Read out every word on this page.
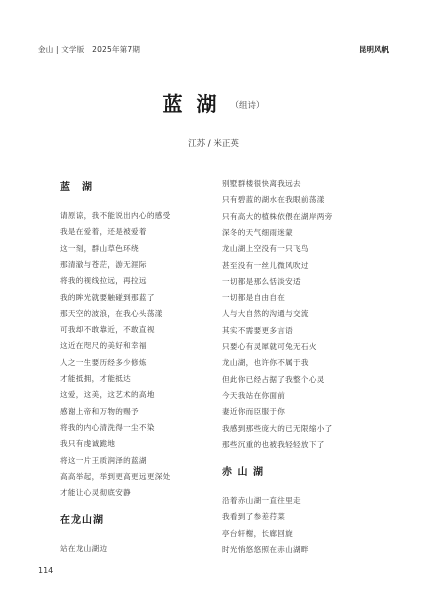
金山 | 文学版　2025年第7期	昆明风帆
蓝湖（组诗）
江苏 / 米正英
蓝　湖
请原谅，我不能说出内心的感受
我是在爱着，还是被爱着
这一刻，群山草色环绕
那清澈与苍茫，游无涯际
将我的视线拉远，再拉远
我的眸光就要触碰到那蓝了
那天空的波浪，在我心头荡漾
可我却不敢靠近，不敢直视
这近在咫尺的美好和幸福
人之一生要历经多少修炼
才能抵拥，才能抵达
这爱，这美，这艺术的高地
感谢上帝和万物的赐予
将我的内心清洗得一尘不染
我只有虔诚跪地
将这一片王质润泽的蓝湖
高高举起，举到更高更远更深处
才能让心灵彻底安静
在龙山湖
站在龙山湖边
别墅群楼很快离我远去
只有碧蓝的湖水在我眼前荡漾
只有高大的植株依偎在湖岸两旁
深冬的天气细雨迷蒙
龙山湖上空没有一只飞鸟
甚至没有一丝儿微风吹过
一切都是那么恬淡安适
一切都是自由自在
人与大自然的沟通与交流
其实不需要更多言语
只要心有灵犀就可兔无石火
龙山湖，也许你不属于我
但此你已经占据了我整个心灵
今天我站在你面前
妻近你而臣服于你
我感到那些庞大的已无限缩小了
那些沉重的也被我轻轻放下了
赤 山 湖
沿着赤山湖一直往里走
我看到了参差荇菜
亭台轩榭，长廊回旋
时光悄悠悠照在赤山湖畔
114
